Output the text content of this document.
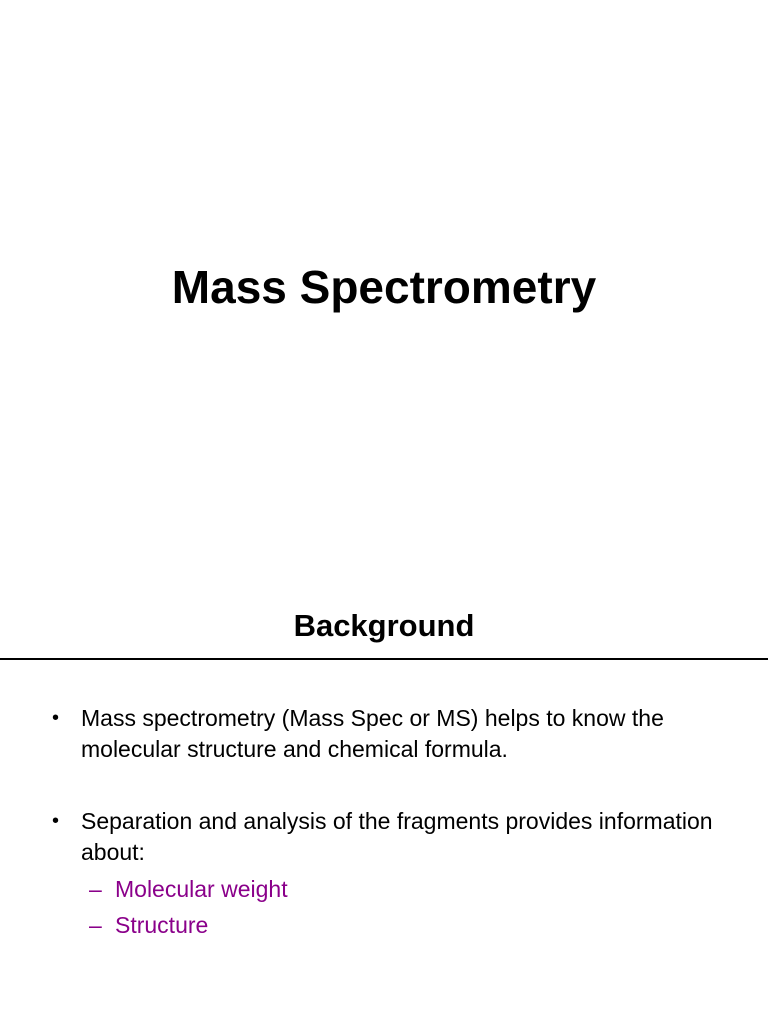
Mass Spectrometry
Background
• Mass spectrometry (Mass Spec or MS) helps to know the molecular structure and chemical formula.
• Separation and analysis of the fragments provides information about:
– Molecular weight
– Structure
